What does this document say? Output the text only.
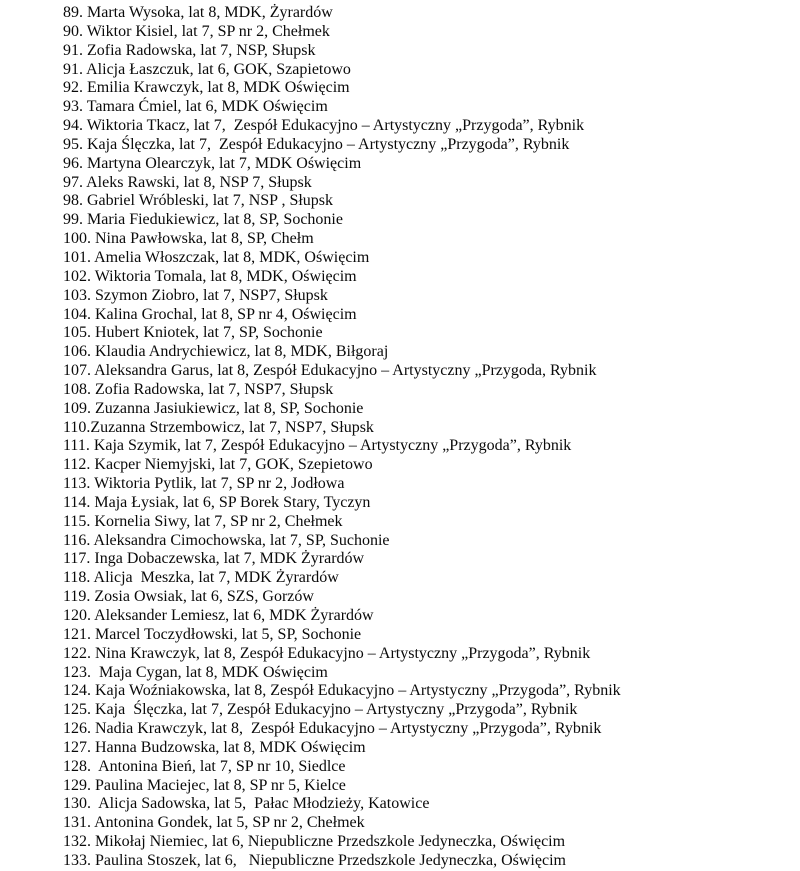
89. Marta Wysoka, lat 8, MDK, Żyrardów
90. Wiktor Kisiel, lat 7, SP nr 2, Chełmek
91. Zofia Radowska, lat 7, NSP, Słupsk
91. Alicja Łaszczuk, lat 6, GOK, Szapietowo
92. Emilia Krawczyk, lat 8, MDK Oświęcim
93. Tamara Ćmiel, lat 6, MDK Oświęcim
94. Wiktoria Tkacz, lat 7,  Zespół Edukacyjno – Artystyczny „Przygoda”, Rybnik
95. Kaja Ślęczka, lat 7,  Zespół Edukacyjno – Artystyczny „Przygoda”, Rybnik
96. Martyna Olearczyk, lat 7, MDK Oświęcim
97. Aleks Rawski, lat 8, NSP 7, Słupsk
98. Gabriel Wróbleski, lat 7, NSP , Słupsk
99. Maria Fiedukiewicz, lat 8, SP, Sochonie
100. Nina Pawłowska, lat 8, SP, Chełm
101. Amelia Włoszczak, lat 8, MDK, Oświęcim
102. Wiktoria Tomala, lat 8, MDK, Oświęcim
103. Szymon Ziobro, lat 7, NSP7, Słupsk
104. Kalina Grochal, lat 8, SP nr 4, Oświęcim
105. Hubert Kniotek, lat 7, SP, Sochonie
106. Klaudia Andrychiewicz, lat 8, MDK, Biłgoraj
107. Aleksandra Garus, lat 8, Zespół Edukacyjno – Artystyczny „Przygoda, Rybnik
108. Zofia Radowska, lat 7, NSP7, Słupsk
109. Zuzanna Jasiukiewicz, lat 8, SP, Sochonie
110.Zuzanna Strzembowicz, lat 7, NSP7, Słupsk
111. Kaja Szymik, lat 7, Zespół Edukacyjno – Artystyczny „Przygoda”, Rybnik
112. Kacper Niemyjski, lat 7, GOK, Szepietowo
113. Wiktoria Pytlik, lat 7, SP nr 2, Jodłowa
114. Maja Łysiak, lat 6, SP Borek Stary, Tyczyn
115. Kornelia Siwy, lat 7, SP nr 2, Chełmek
116. Aleksandra Cimochowska, lat 7, SP, Suchonie
117. Inga Dobaczewska, lat 7, MDK Żyrardów
118. Alicja  Meszka, lat 7, MDK Żyrardów
119. Zosia Owsiak, lat 6, SZS, Gorzów
120. Aleksander Lemiesz, lat 6, MDK Żyrardów
121. Marcel Toczydłowski, lat 5, SP, Sochonie
122. Nina Krawczyk, lat 8, Zespół Edukacyjno – Artystyczny „Przygoda”, Rybnik
123.  Maja Cygan, lat 8, MDK Oświęcim
124. Kaja Woźniakowska, lat 8, Zespół Edukacyjno – Artystyczny „Przygoda”, Rybnik
125. Kaja  Ślęczka, lat 7, Zespół Edukacyjno – Artystyczny „Przygoda”, Rybnik
126. Nadia Krawczyk, lat 8,  Zespół Edukacyjno – Artystyczny „Przygoda”, Rybnik
127. Hanna Budzowska, lat 8, MDK Oświęcim
128.  Antonina Bień, lat 7, SP nr 10, Siedlce
129. Paulina Maciejec, lat 8, SP nr 5, Kielce
130.  Alicja Sadowska, lat 5,  Pałac Młodzieży, Katowice
131. Antonina Gondek, lat 5, SP nr 2, Chełmek
132. Mikołaj Niemiec, lat 6, Niepubliczne Przedszkole Jedyneczka, Oświęcim
133. Paulina Stoszek, lat 6,   Niepubliczne Przedszkole Jedyneczka, Oświęcim
